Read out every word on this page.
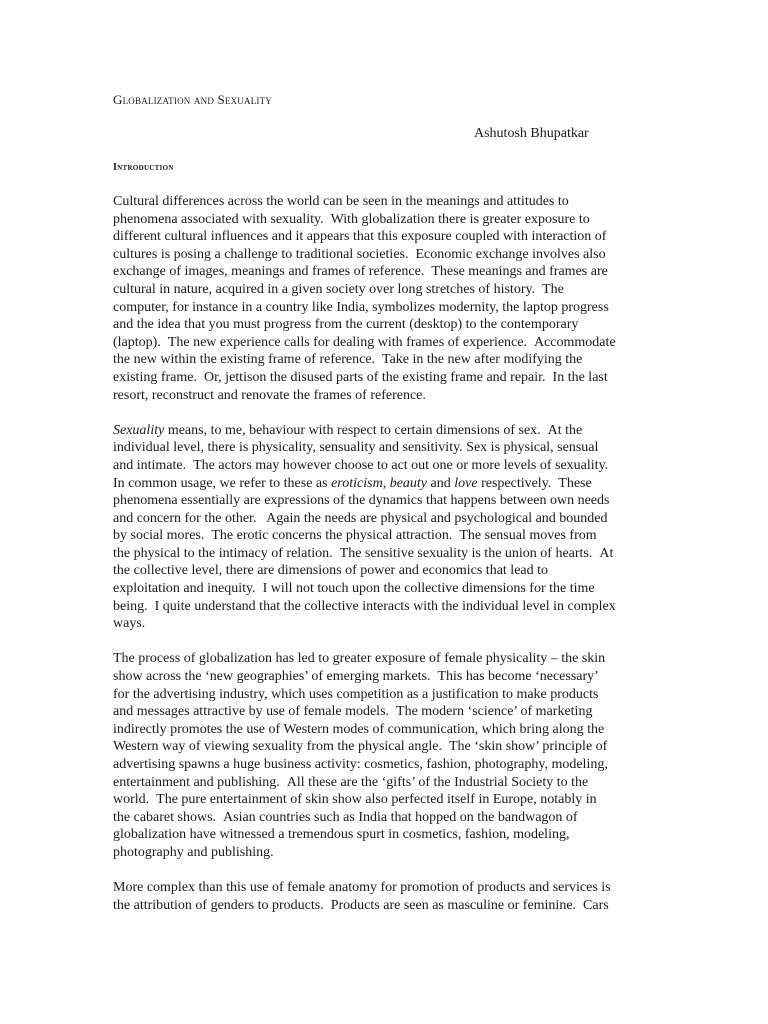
Globalization and Sexuality
Ashutosh Bhupatkar
Introduction
Cultural differences across the world can be seen in the meanings and attitudes to
phenomena associated with sexuality.  With globalization there is greater exposure to
different cultural influences and it appears that this exposure coupled with interaction of
cultures is posing a challenge to traditional societies.  Economic exchange involves also
exchange of images, meanings and frames of reference.  These meanings and frames are
cultural in nature, acquired in a given society over long stretches of history.  The
computer, for instance in a country like India, symbolizes modernity, the laptop progress
and the idea that you must progress from the current (desktop) to the contemporary
(laptop).  The new experience calls for dealing with frames of experience.  Accommodate
the new within the existing frame of reference.  Take in the new after modifying the
existing frame.  Or, jettison the disused parts of the existing frame and repair.  In the last
resort, reconstruct and renovate the frames of reference.
Sexuality means, to me, behaviour with respect to certain dimensions of sex.  At the
individual level, there is physicality, sensuality and sensitivity. Sex is physical, sensual
and intimate.  The actors may however choose to act out one or more levels of sexuality.
In common usage, we refer to these as eroticism, beauty and love respectively.  These
phenomena essentially are expressions of the dynamics that happens between own needs
and concern for the other.   Again the needs are physical and psychological and bounded
by social mores.  The erotic concerns the physical attraction.  The sensual moves from
the physical to the intimacy of relation.  The sensitive sexuality is the union of hearts.  At
the collective level, there are dimensions of power and economics that lead to
exploitation and inequity.  I will not touch upon the collective dimensions for the time
being.  I quite understand that the collective interacts with the individual level in complex
ways.
The process of globalization has led to greater exposure of female physicality – the skin
show across the ‘new geographies’ of emerging markets.  This has become ‘necessary’
for the advertising industry, which uses competition as a justification to make products
and messages attractive by use of female models.  The modern ‘science’ of marketing
indirectly promotes the use of Western modes of communication, which bring along the
Western way of viewing sexuality from the physical angle.  The ‘skin show’ principle of
advertising spawns a huge business activity: cosmetics, fashion, photography, modeling,
entertainment and publishing.  All these are the ‘gifts’ of the Industrial Society to the
world.  The pure entertainment of skin show also perfected itself in Europe, notably in
the cabaret shows.  Asian countries such as India that hopped on the bandwagon of
globalization have witnessed a tremendous spurt in cosmetics, fashion, modeling,
photography and publishing.
More complex than this use of female anatomy for promotion of products and services is
the attribution of genders to products.  Products are seen as masculine or feminine.  Cars
